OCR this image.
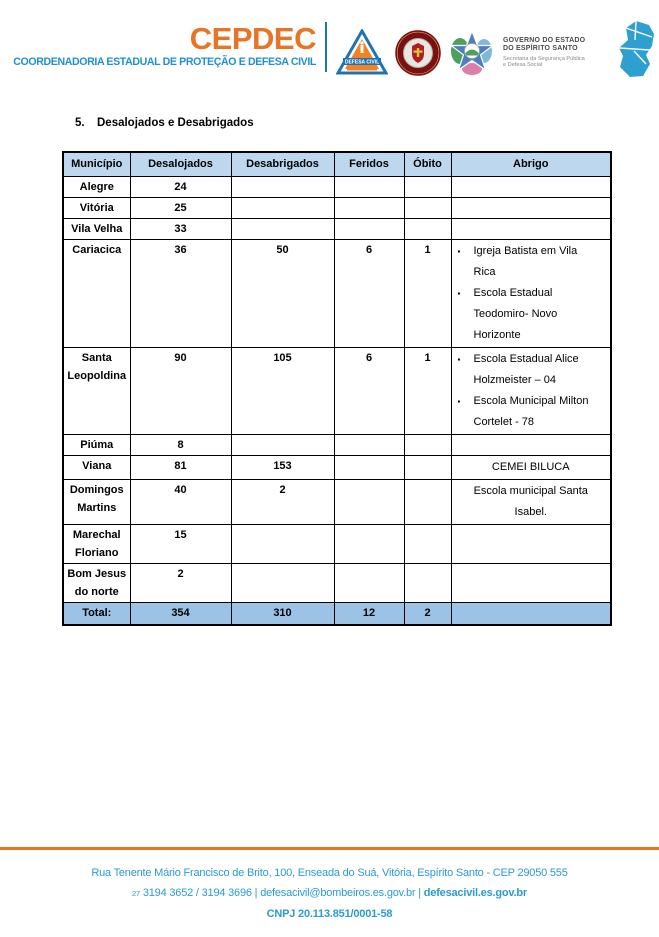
CEPDEC
COORDENADORIA ESTADUAL DE PROTEÇÃO E DEFESA CIVIL	DEFESA CIVIL
GOVERNO DO ESTADO
DO ESPÍRITO SANTO
Secretaria da Segurança Pública
e Defesa Social
5.	Desalojados e Desabrigados
Município	Desalojados	Desabrigados	Feridos	Óbito	Abrigo
Alegre	24				
Vitória	25				
Vila Velha	33				
Cariacica	36	50	6	1	▪ Igreja Batista em Vila Rica
▪ Escola Estadual Teodomiro- Novo Horizonte

Santa Leopoldina	90	105	6	1	▪ Escola Estadual Alice Holzmeister – 04
▪ Escola Municipal Milton Cortelet - 78

Piúma	8				
Viana	81	153			CEMEI BILUCA

Domingos Martins	40	2			Escola municipal Santa Isabel.

Marechal Floriano	15				
Bom Jesus do norte	2				
Total:	354	310	12	2	
Rua Tenente Mário Francisco de Brito, 100, Enseada do Suá, Vitória, Espírito Santo - CEP 29050 555
27 3194 3652 / 3194 3696 | defesacivil@bombeiros.es.gov.br | defesacivil.es.gov.br
CNPJ 20.113.851/0001-58
